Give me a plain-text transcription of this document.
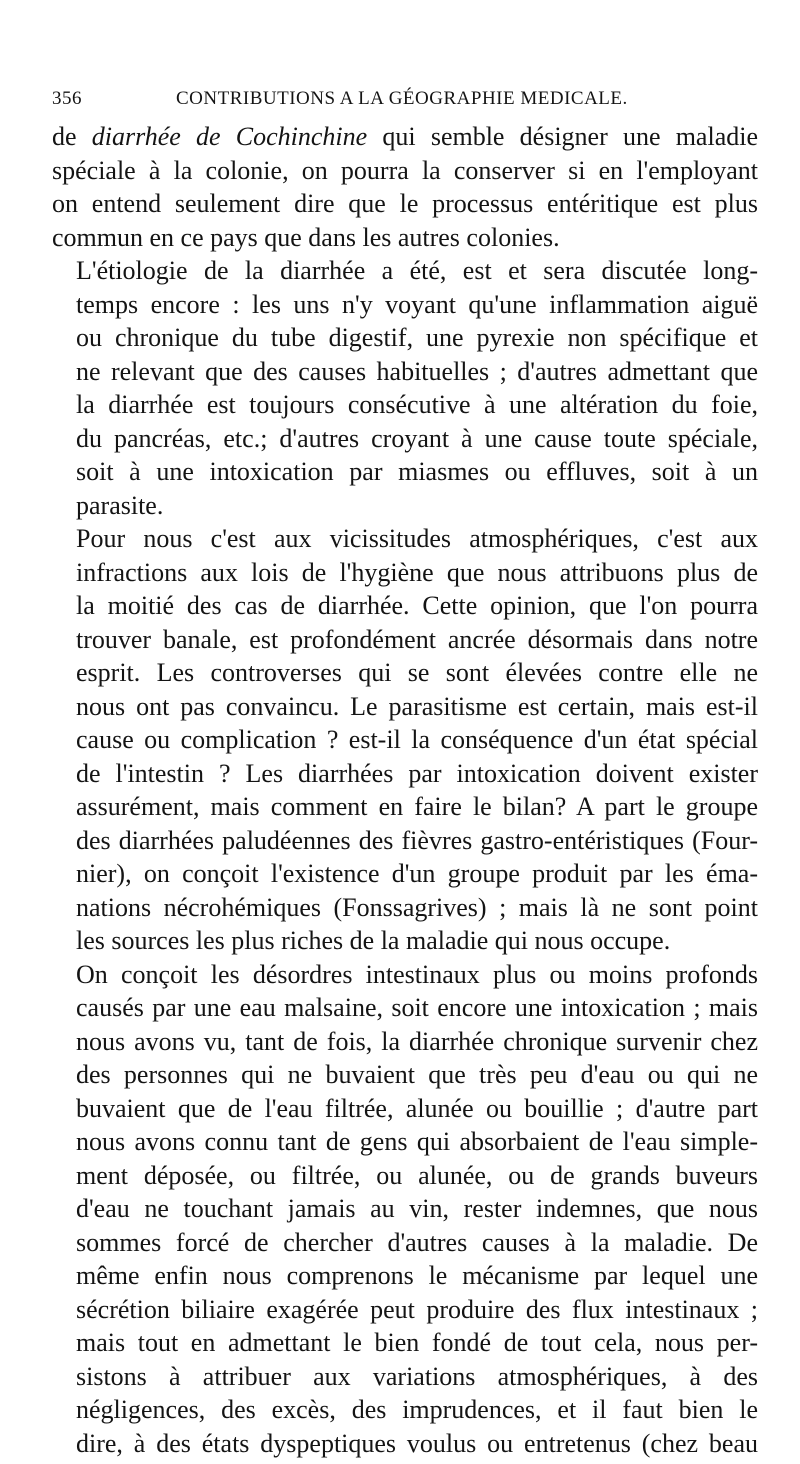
356	CONTRIBUTIONS A LA GÉOGRAPHIE MEDICALE.
de diarrhée de Cochinchine qui semble désigner une maladie
spéciale à la colonie, on pourra la conserver si en l'employant
on entend seulement dire que le processus entéritique est plus
commun en ce pays que dans les autres colonies.
L'étiologie de la diarrhée a été, est et sera discutée long-
temps encore : les uns n'y voyant qu'une inflammation aiguë
ou chronique du tube digestif, une pyrexie non spécifique et
ne relevant que des causes habituelles ; d'autres admettant que
la diarrhée est toujours consécutive à une altération du foie,
du pancréas, etc.; d'autres croyant à une cause toute spéciale,
soit à une intoxication par miasmes ou effluves, soit à un
parasite.
Pour nous c'est aux vicissitudes atmosphériques, c'est aux
infractions aux lois de l'hygiène que nous attribuons plus de
la moitié des cas de diarrhée. Cette opinion, que l'on pourra
trouver banale, est profondément ancrée désormais dans notre
esprit. Les controverses qui se sont élevées contre elle ne
nous ont pas convaincu. Le parasitisme est certain, mais est-il
cause ou complication ? est-il la conséquence d'un état spécial
de l'intestin ? Les diarrhées par intoxication doivent exister
assurément, mais comment en faire le bilan? A part le groupe
des diarrhées paludéennes des fièvres gastro-entéristiques (Four-
nier), on conçoit l'existence d'un groupe produit par les éma-
nations nécrohémiques (Fonssagrives) ; mais là ne sont point
les sources les plus riches de la maladie qui nous occupe.
On conçoit les désordres intestinaux plus ou moins profonds
causés par une eau malsaine, soit encore une intoxication ; mais
nous avons vu, tant de fois, la diarrhée chronique survenir chez
des personnes qui ne buvaient que très peu d'eau ou qui ne
buvaient que de l'eau filtrée, alunée ou bouillie ; d'autre part
nous avons connu tant de gens qui absorbaient de l'eau simple-
ment déposée, ou filtrée, ou alunée, ou de grands buveurs
d'eau ne touchant jamais au vin, rester indemnes, que nous
sommes forcé de chercher d'autres causes à la maladie. De
même enfin nous comprenons le mécanisme par lequel une
sécrétion biliaire exagérée peut produire des flux intestinaux ;
mais tout en admettant le bien fondé de tout cela, nous per-
sistons à attribuer aux variations atmosphériques, à des
négligences, des excès, des imprudences, et il faut bien le
dire, à des états dyspeptiques voulus ou entretenus (chez beau
